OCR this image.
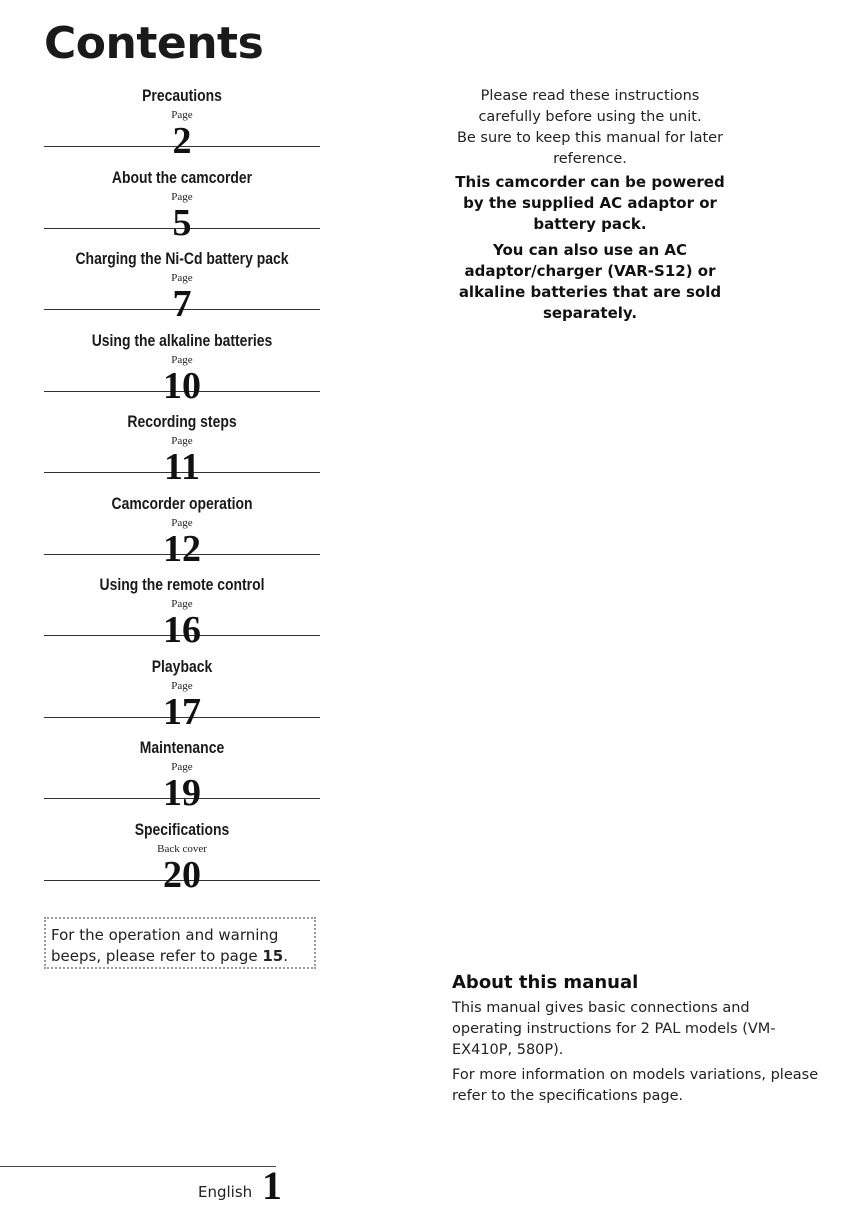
Contents
Precautions
Page
2
About the camcorder
Page
5
Charging the Ni-Cd battery pack
Page
7
Using the alkaline batteries
Page
10
Recording steps
Page
11
Camcorder operation
Page
12
Using the remote control
Page
16
Playback
Page
17
Maintenance
Page
19
Specifications
Back cover
20
For the operation and warning
beeps, please refer to page 15.

Please read these instructions

carefully before using the unit.

Be sure to keep this manual for later

reference.

This camcorder can be powered by the supplied AC adaptor or battery pack.

You can also use an AC adaptor/charger (VAR-S12) or alkaline batteries that are sold separately.

About this manual

This manual gives basic connections and operating instructions for 2 PAL models (VM-EX410P, 580P).

For more information on models variations, please refer to the specifications page.

English 1
